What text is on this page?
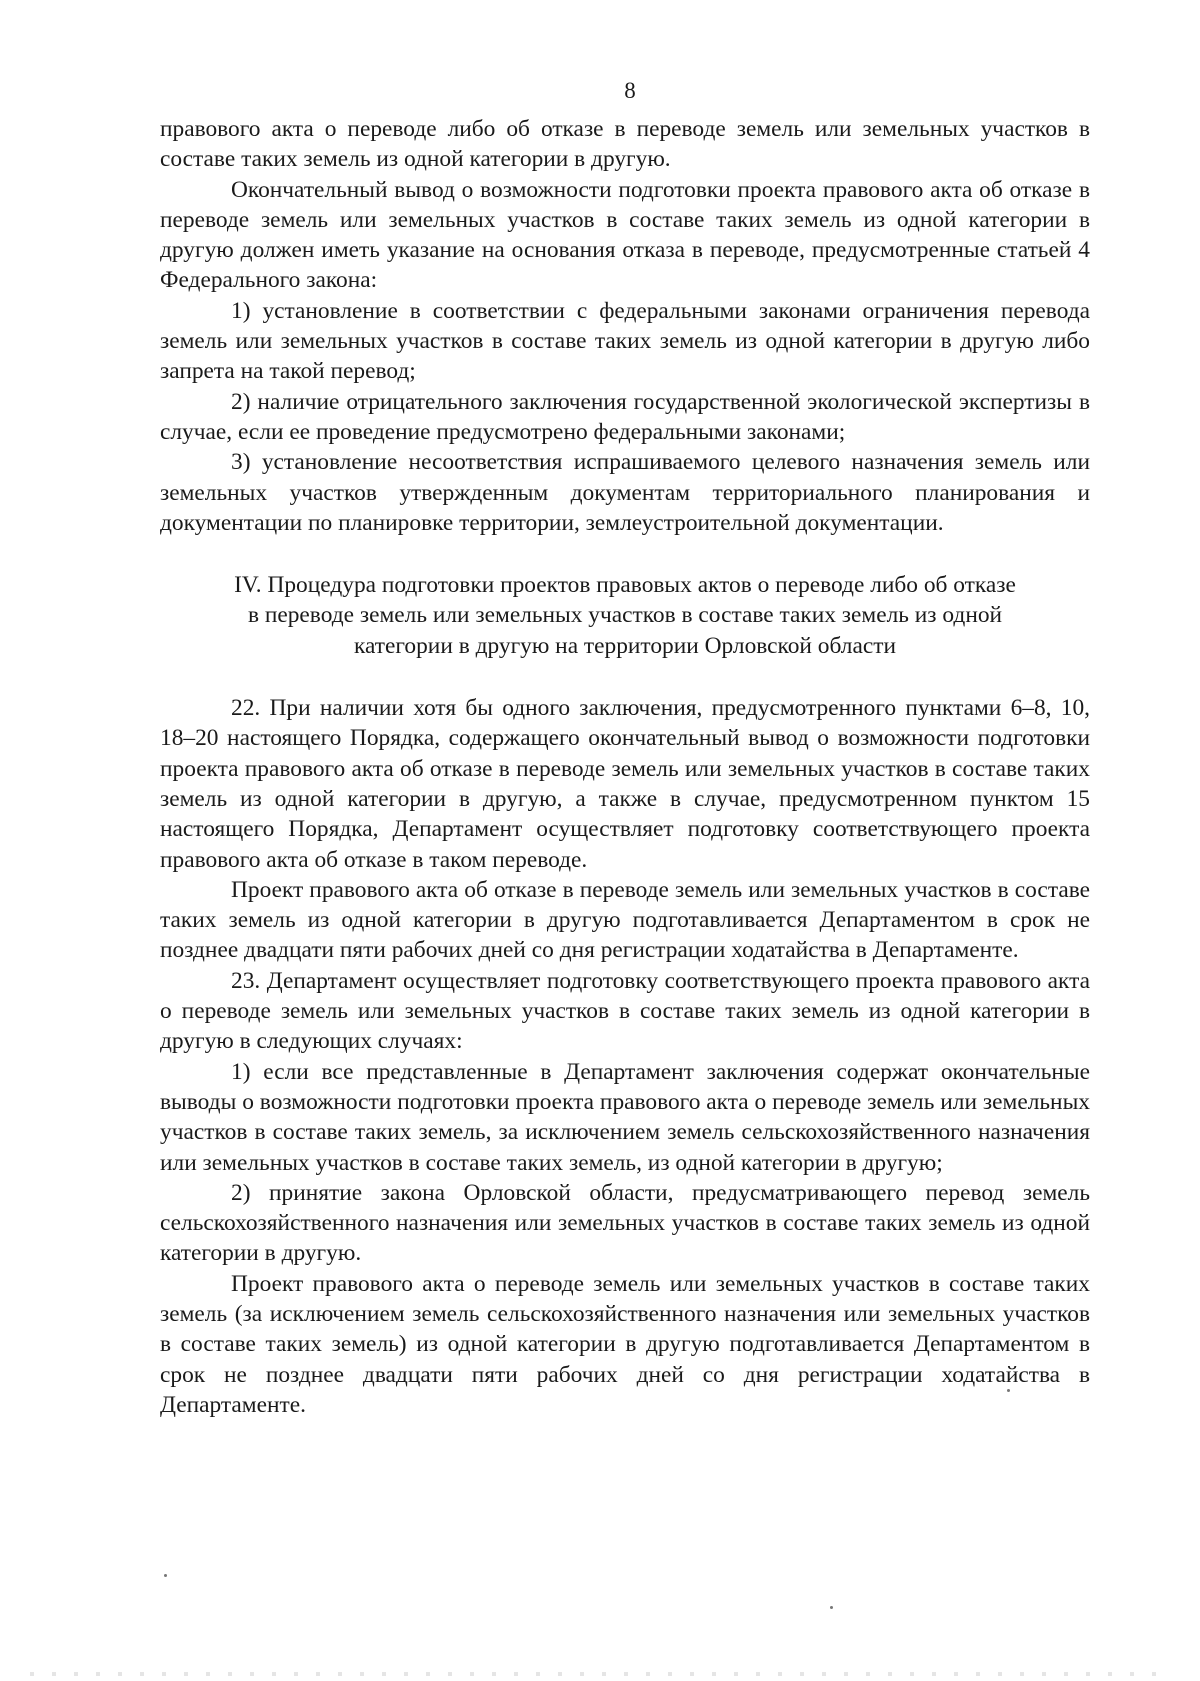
8

правового акта о переводе либо об отказе в переводе земель или земельных участков в составе таких земель из одной категории в другую.

Окончательный вывод о возможности подготовки проекта правового акта об отказе в переводе земель или земельных участков в составе таких земель из одной категории в другую должен иметь указание на основания отказа в переводе, предусмотренные статьей 4 Федерального закона:

1) установление в соответствии с федеральными законами ограничения перевода земель или земельных участков в составе таких земель из одной категории в другую либо запрета на такой перевод;

2) наличие отрицательного заключения государственной экологической экспертизы в случае, если ее проведение предусмотрено федеральными законами;

3) установление несоответствия испрашиваемого целевого назначения земель или земельных участков утвержденным документам территориального планирования и документации по планировке территории, землеустроительной документации.

IV. Процедура подготовки проектов правовых актов о переводе либо об отказе
в переводе земель или земельных участков в составе таких земель из одной
категории в другую на территории Орловской области

22. При наличии хотя бы одного заключения, предусмотренного пунктами 6–8, 10, 18–20 настоящего Порядка, содержащего окончательный вывод о возможности подготовки проекта правового акта об отказе в переводе земель или земельных участков в составе таких земель из одной категории в другую, а также в случае, предусмотренном пунктом 15 настоящего Порядка, Департамент осуществляет подготовку соответствующего проекта правового акта об отказе в таком переводе.

Проект правового акта об отказе в переводе земель или земельных участков в составе таких земель из одной категории в другую подготавливается Департаментом в срок не позднее двадцати пяти рабочих дней со дня регистрации ходатайства в Департаменте.

23. Департамент осуществляет подготовку соответствующего проекта правового акта о переводе земель или земельных участков в составе таких земель из одной категории в другую в следующих случаях:

1) если все представленные в Департамент заключения содержат окончательные выводы о возможности подготовки проекта правового акта о переводе земель или земельных участков в составе таких земель, за исключением земель сельскохозяйственного назначения или земельных участков в составе таких земель, из одной категории в другую;

2) принятие закона Орловской области, предусматривающего перевод земель сельскохозяйственного назначения или земельных участков в составе таких земель из одной категории в другую.

Проект правового акта о переводе земель или земельных участков в составе таких земель (за исключением земель сельскохозяйственного назначения или земельных участков в составе таких земель) из одной категории в другую подготавливается Департаментом в срок не позднее двадцати пяти рабочих дней со дня регистрации ходатайства в Департаменте.
